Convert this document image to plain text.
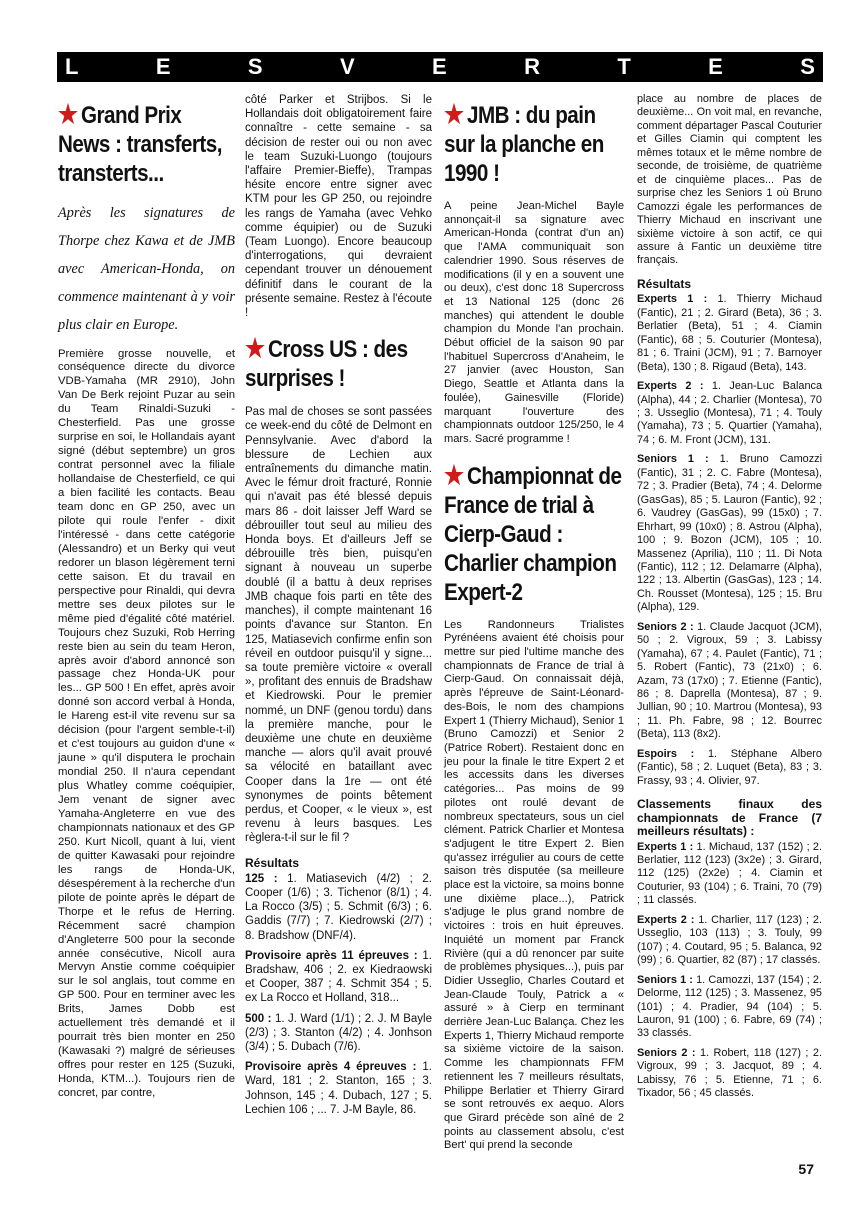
L	E	S	V	E	R	T	E	S
★ Grand Prix News : transferts, transterts...

Après les signatures de Thorpe chez Kawa et de JMB avec American-Honda, on commence maintenant à y voir plus clair en Europe.

Première grosse nouvelle, et conséquence directe du divorce VDB-Yamaha (MR 2910), John Van De Berk rejoint Puzar au sein du Team Rinaldi-Suzuki - Chesterfield. Pas une grosse surprise en soi, le Hollandais ayant signé (début septembre) un gros contrat personnel avec la filiale hollandaise de Chesterfield, ce qui a bien facilité les contacts. Beau team donc en GP 250, avec un pilote qui roule l'enfer - dixit l'intéressé - dans cette catégorie (Alessandro) et un Berky qui veut redorer un blason légèrement terni cette saison. Et du travail en perspective pour Rinaldi, qui devra mettre ses deux pilotes sur le même pied d'égalité côté matériel. Toujours chez Suzuki, Rob Herring reste bien au sein du team Heron, après avoir d'abord annoncé son passage chez Honda-UK pour les... GP 500 ! En effet, après avoir donné son accord verbal à Honda, le Hareng est-il vite revenu sur sa décision (pour l'argent semble-t-il) et c'est toujours au guidon d'une « jaune » qu'il disputera le prochain mondial 250. Il n'aura cependant plus Whatley comme coéquipier, Jem venant de signer avec Yamaha-Angleterre en vue des championnats nationaux et des GP 250. Kurt Nicoll, quant à lui, vient de quitter Kawasaki pour rejoindre les rangs de Honda-UK, désespérement à la recherche d'un pilote de pointe après le départ de Thorpe et le refus de Herring. Récemment sacré champion d'Angleterre 500 pour la seconde année consécutive, Nicoll aura Mervyn Anstie comme coéquipier sur le sol anglais, tout comme en GP 500. Pour en terminer avec les Brits, James Dobb est actuellement très demandé et il pourrait très bien monter en 250 (Kawasaki ?) malgré de sérieuses offres pour rester en 125 (Suzuki, Honda, KTM...). Toujours rien de concret, par contre,

côté Parker et Strijbos. Si le Hollandais doit obligatoirement faire connaître - cette semaine - sa décision de rester oui ou non avec le team Suzuki-Luongo (toujours l'affaire Premier-Bieffe), Trampas hésite encore entre signer avec KTM pour les GP 250, ou rejoindre les rangs de Yamaha (avec Vehko comme équipier) ou de Suzuki (Team Luongo). Encore beaucoup d'interrogations, qui devraient cependant trouver un dénouement définitif dans le courant de la présente semaine. Restez à l'écoute !

★ Cross US : des surprises !

Pas mal de choses se sont passées ce week-end du côté de Delmont en Pennsylvanie. Avec d'abord la blessure de Lechien aux entraînements du dimanche matin. Avec le fémur droit fracturé, Ronnie qui n'avait pas été blessé depuis mars 86 - doit laisser Jeff Ward se débrouiller tout seul au milieu des Honda boys. Et d'ailleurs Jeff se débrouille très bien, puisqu'en signant à nouveau un superbe doublé (il a battu à deux reprises JMB chaque fois parti en tête des manches), il compte maintenant 16 points d'avance sur Stanton. En 125, Matiasevich confirme enfin son réveil en outdoor puisqu'il y signe... sa toute première victoire « overall », profitant des ennuis de Bradshaw et Kiedrowski. Pour le premier nommé, un DNF (genou tordu) dans la première manche, pour le deuxième une chute en deuxième manche — alors qu'il avait prouvé sa vélocité en bataillant avec Cooper dans la 1re — ont été synonymes de points bêtement perdus, et Cooper, « le vieux », est revenu à leurs basques. Les règlera-t-il sur le fil ?

Résultats

125 : 1. Matiasevich (4/2) ; 2. Cooper (1/6) ; 3. Tichenor (8/1) ; 4. La Rocco (3/5) ; 5. Schmit (6/3) ; 6. Gaddis (7/7) ; 7. Kiedrowski (2/7) ; 8. Bradshow (DNF/4).

Provisoire après 11 épreuves : 1. Bradshaw, 406 ; 2. ex Kiedraowski et Cooper, 387 ; 4. Schmit 354 ; 5. ex La Rocco et Holland, 318...

500 : 1. J. Ward (1/1) ; 2. J. M Bayle (2/3) ; 3. Stanton (4/2) ; 4. Jonhson (3/4) ; 5. Dubach (7/6).

Provisoire après 4 épreuves : 1. Ward, 181 ; 2. Stanton, 165 ; 3. Johnson, 145 ; 4. Dubach, 127 ; 5. Lechien 106 ; ... 7. J-M Bayle, 86.

★ JMB : du pain sur la planche en 1990 !

A peine Jean-Michel Bayle annonçait-il sa signature avec American-Honda (contrat d'un an) que l'AMA communiquait son calendrier 1990. Sous réserves de modifications (il y en a souvent une ou deux), c'est donc 18 Supercross et 13 National 125 (donc 26 manches) qui attendent le double champion du Monde l'an prochain. Début officiel de la saison 90 par l'habituel Supercross d'Anaheim, le 27 janvier (avec Houston, San Diego, Seattle et Atlanta dans la foulée), Gainesville (Floride) marquant l'ouverture des championnats outdoor 125/250, le 4 mars. Sacré programme !

★ Championnat de France de trial à Cierp-Gaud : Charlier champion Expert-2

Les Randonneurs Trialistes Pyrénéens avaient été choisis pour mettre sur pied l'ultime manche des championnats de France de trial à Cierp-Gaud. On connaissait déjà, après l'épreuve de Saint-Léonard-des-Bois, le nom des champions Expert 1 (Thierry Michaud), Senior 1 (Bruno Camozzi) et Senior 2 (Patrice Robert). Restaient donc en jeu pour la finale le titre Expert 2 et les accessits dans les diverses catégories... Pas moins de 99 pilotes ont roulé devant de nombreux spectateurs, sous un ciel clément. Patrick Charlier et Montesa s'adjugent le titre Expert 2. Bien qu'assez irrégulier au cours de cette saison très disputée (sa meilleure place est la victoire, sa moins bonne une dixième place...), Patrick s'adjuge le plus grand nombre de victoires : trois en huit épreuves. Inquiété un moment par Franck Rivière (qui a dû renoncer par suite de problèmes physiques...), puis par Didier Usseglio, Charles Coutard et Jean-Claude Touly, Patrick a « assuré » à Cierp en terminant derrière Jean-Luc Balança. Chez les Experts 1, Thierry Michaud remporte sa sixième victoire de la saison. Comme les championnats FFM retiennent les 7 meilleurs résultats, Philippe Berlatier et Thierry Girard se sont retrouvés ex aequo. Alors que Girard précède son aîné de 2 points au classement absolu, c'est Bert' qui prend la seconde

place au nombre de places de deuxième... On voit mal, en revanche, comment départager Pascal Couturier et Gilles Ciamin qui comptent les mêmes totaux et le même nombre de seconde, de troisième, de quatrième et de cinquième places... Pas de surprise chez les Seniors 1 où Bruno Camozzi égale les performances de Thierry Michaud en inscrivant une sixième victoire à son actif, ce qui assure à Fantic un deuxième titre français.

Résultats

Experts 1 : 1. Thierry Michaud (Fantic), 21 ; 2. Girard (Beta), 36 ; 3. Berlatier (Beta), 51 ; 4. Ciamin (Fantic), 68 ; 5. Couturier (Montesa), 81 ; 6. Traini (JCM), 91 ; 7. Barnoyer (Beta), 130 ; 8. Rigaud (Beta), 143.

Experts 2 : 1. Jean-Luc Balanca (Alpha), 44 ; 2. Charlier (Montesa), 70 ; 3. Usseglio (Montesa), 71 ; 4. Touly (Yamaha), 73 ; 5. Quartier (Yamaha), 74 ; 6. M. Front (JCM), 131.

Seniors 1 : 1. Bruno Camozzi (Fantic), 31 ; 2. C. Fabre (Montesa), 72 ; 3. Pradier (Beta), 74 ; 4. Delorme (GasGas), 85 ; 5. Lauron (Fantic), 92 ; 6. Vaudrey (GasGas), 99 (15x0) ; 7. Ehrhart, 99 (10x0) ; 8. Astrou (Alpha), 100 ; 9. Bozon (JCM), 105 ; 10. Massenez (Aprilia), 110 ; 11. Di Nota (Fantic), 112 ; 12. Delamarre (Alpha), 122 ; 13. Albertin (GasGas), 123 ; 14. Ch. Rousset (Montesa), 125 ; 15. Bru (Alpha), 129.

Seniors 2 : 1. Claude Jacquot (JCM), 50 ; 2. Vigroux, 59 ; 3. Labissy (Yamaha), 67 ; 4. Paulet (Fantic), 71 ; 5. Robert (Fantic), 73 (21x0) ; 6. Azam, 73 (17x0) ; 7. Etienne (Fantic), 86 ; 8. Daprella (Montesa), 87 ; 9. Jullian, 90 ; 10. Martrou (Montesa), 93 ; 11. Ph. Fabre, 98 ; 12. Bourrec (Beta), 113 (8x2).

Espoirs : 1. Stéphane Albero (Fantic), 58 ; 2. Luquet (Beta), 83 ; 3. Frassy, 93 ; 4. Olivier, 97.

Classements finaux des championnats de France (7 meilleurs résultats) :

Experts 1 : 1. Michaud, 137 (152) ; 2. Berlatier, 112 (123) (3x2e) ; 3. Girard, 112 (125) (2x2e) ; 4. Ciamin et Couturier, 93 (104) ; 6. Traini, 70 (79) ; 11 classés.

Experts 2 : 1. Charlier, 117 (123) ; 2. Usseglio, 103 (113) ; 3. Touly, 99 (107) ; 4. Coutard, 95 ; 5. Balanca, 92 (99) ; 6. Quartier, 82 (87) ; 17 classés.

Seniors 1 : 1. Camozzi, 137 (154) ; 2. Delorme, 112 (125) ; 3. Massenez, 95 (101) ; 4. Pradier, 94 (104) ; 5. Lauron, 91 (100) ; 6. Fabre, 69 (74) ; 33 classés.

Seniors 2 : 1. Robert, 118 (127) ; 2. Vigroux, 99 ; 3. Jacquot, 89 ; 4. Labissy, 76 ; 5. Etienne, 71 ; 6. Tixador, 56 ; 45 classés.

57
